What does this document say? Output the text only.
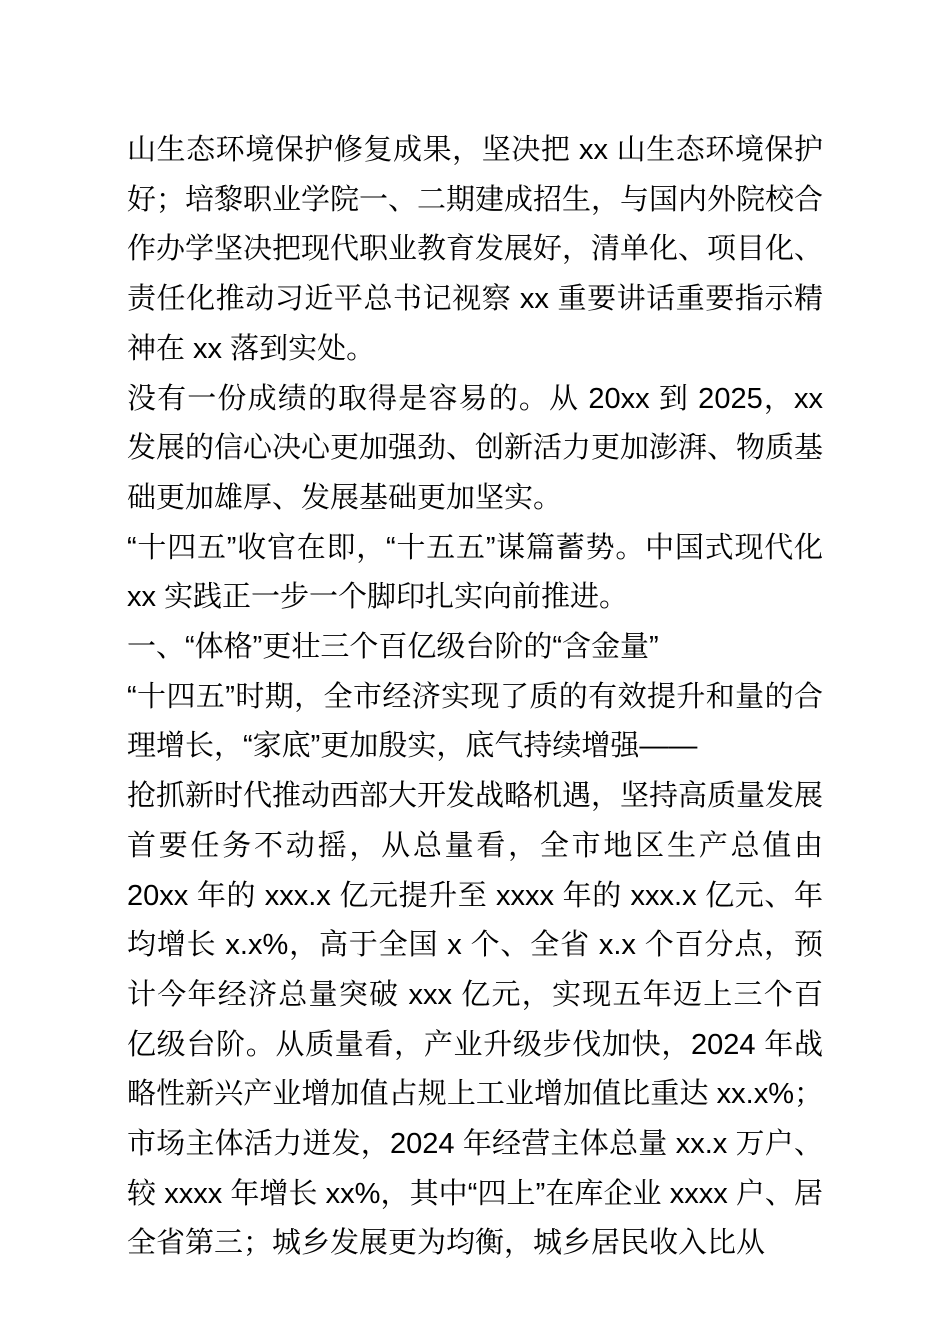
山生态环境保护修复成果，坚决把 xx 山生态环境保护好；培黎职业学院一、二期建成招生，与国内外院校合作办学坚决把现代职业教育发展好，清单化、项目化、责任化推动习近平总书记视察 xx 重要讲话重要指示精神在 xx 落到实处。

没有一份成绩的取得是容易的。从 20xx 到 2025，xx 发展的信心决心更加强劲、创新活力更加澎湃、物质基础更加雄厚、发展基础更加坚实。

“十四五”收官在即，“十五五”谋篇蓄势。中国式现代化 xx 实践正一步一个脚印扎实向前推进。

一、“体格”更壮三个百亿级台阶的“含金量”

“十四五”时期，全市经济实现了质的有效提升和量的合理增长，“家底”更加殷实，底气持续增强——

抢抓新时代推动西部大开发战略机遇，坚持高质量发展首要任务不动摇，从总量看，全市地区生产总值由 20xx 年的 xxx.x 亿元提升至 xxxx 年的 xxx.x 亿元、年均增长 x.x%，高于全国 x 个、全省 x.x 个百分点，预计今年经济总量突破 xxx 亿元，实现五年迈上三个百亿级台阶。从质量看，产业升级步伐加快，2024 年战略性新兴产业增加值占规上工业增加值比重达 xx.x%；市场主体活力迸发，2024 年经营主体总量 xx.x 万户、较 xxxx 年增长 xx%，其中“四上”在库企业 xxxx 户、居全省第三；城乡发展更为均衡，城乡居民收入比从
